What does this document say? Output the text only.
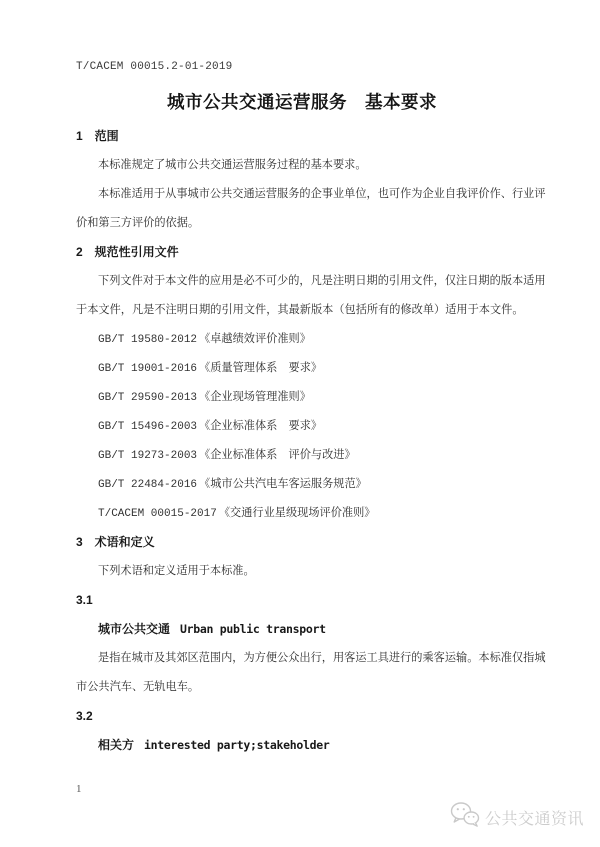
T/CACEM 00015.2-01-2019
城市公共交通运营服务　基本要求
1　范围
本标准规定了城市公共交通运营服务过程的基本要求。
本标准适用于从事城市公共交通运营服务的企事业单位，也可作为企业自我评价作、行业评
价和第三方评价的依据。
2　规范性引用文件
下列文件对于本文件的应用是必不可少的，凡是注明日期的引用文件，仅注日期的版本适用
于本文件，凡是不注明日期的引用文件，其最新版本（包括所有的修改单）适用于本文件。
GB/T 19580-2012 《卓越绩效评价准则》
GB/T 19001-2016 《质量管理体系　要求》
GB/T 29590-2013 《企业现场管理准则》
GB/T 15496-2003 《企业标准体系　要求》
GB/T 19273-2003 《企业标准体系　评价与改进》
GB/T 22484-2016 《城市公共汽电车客运服务规范》
T/CACEM 00015-2017 《交通行业星级现场评价准则》
3　术语和定义
下列术语和定义适用于本标准。
3.1
城市公共交通 Urban public transport
是指在城市及其郊区范围内，为方便公众出行，用客运工具进行的乘客运输。本标准仅指城
市公共汽车、无轨电车。
3.2
相关方 interested party;stakeholder
1
公共交通资讯
